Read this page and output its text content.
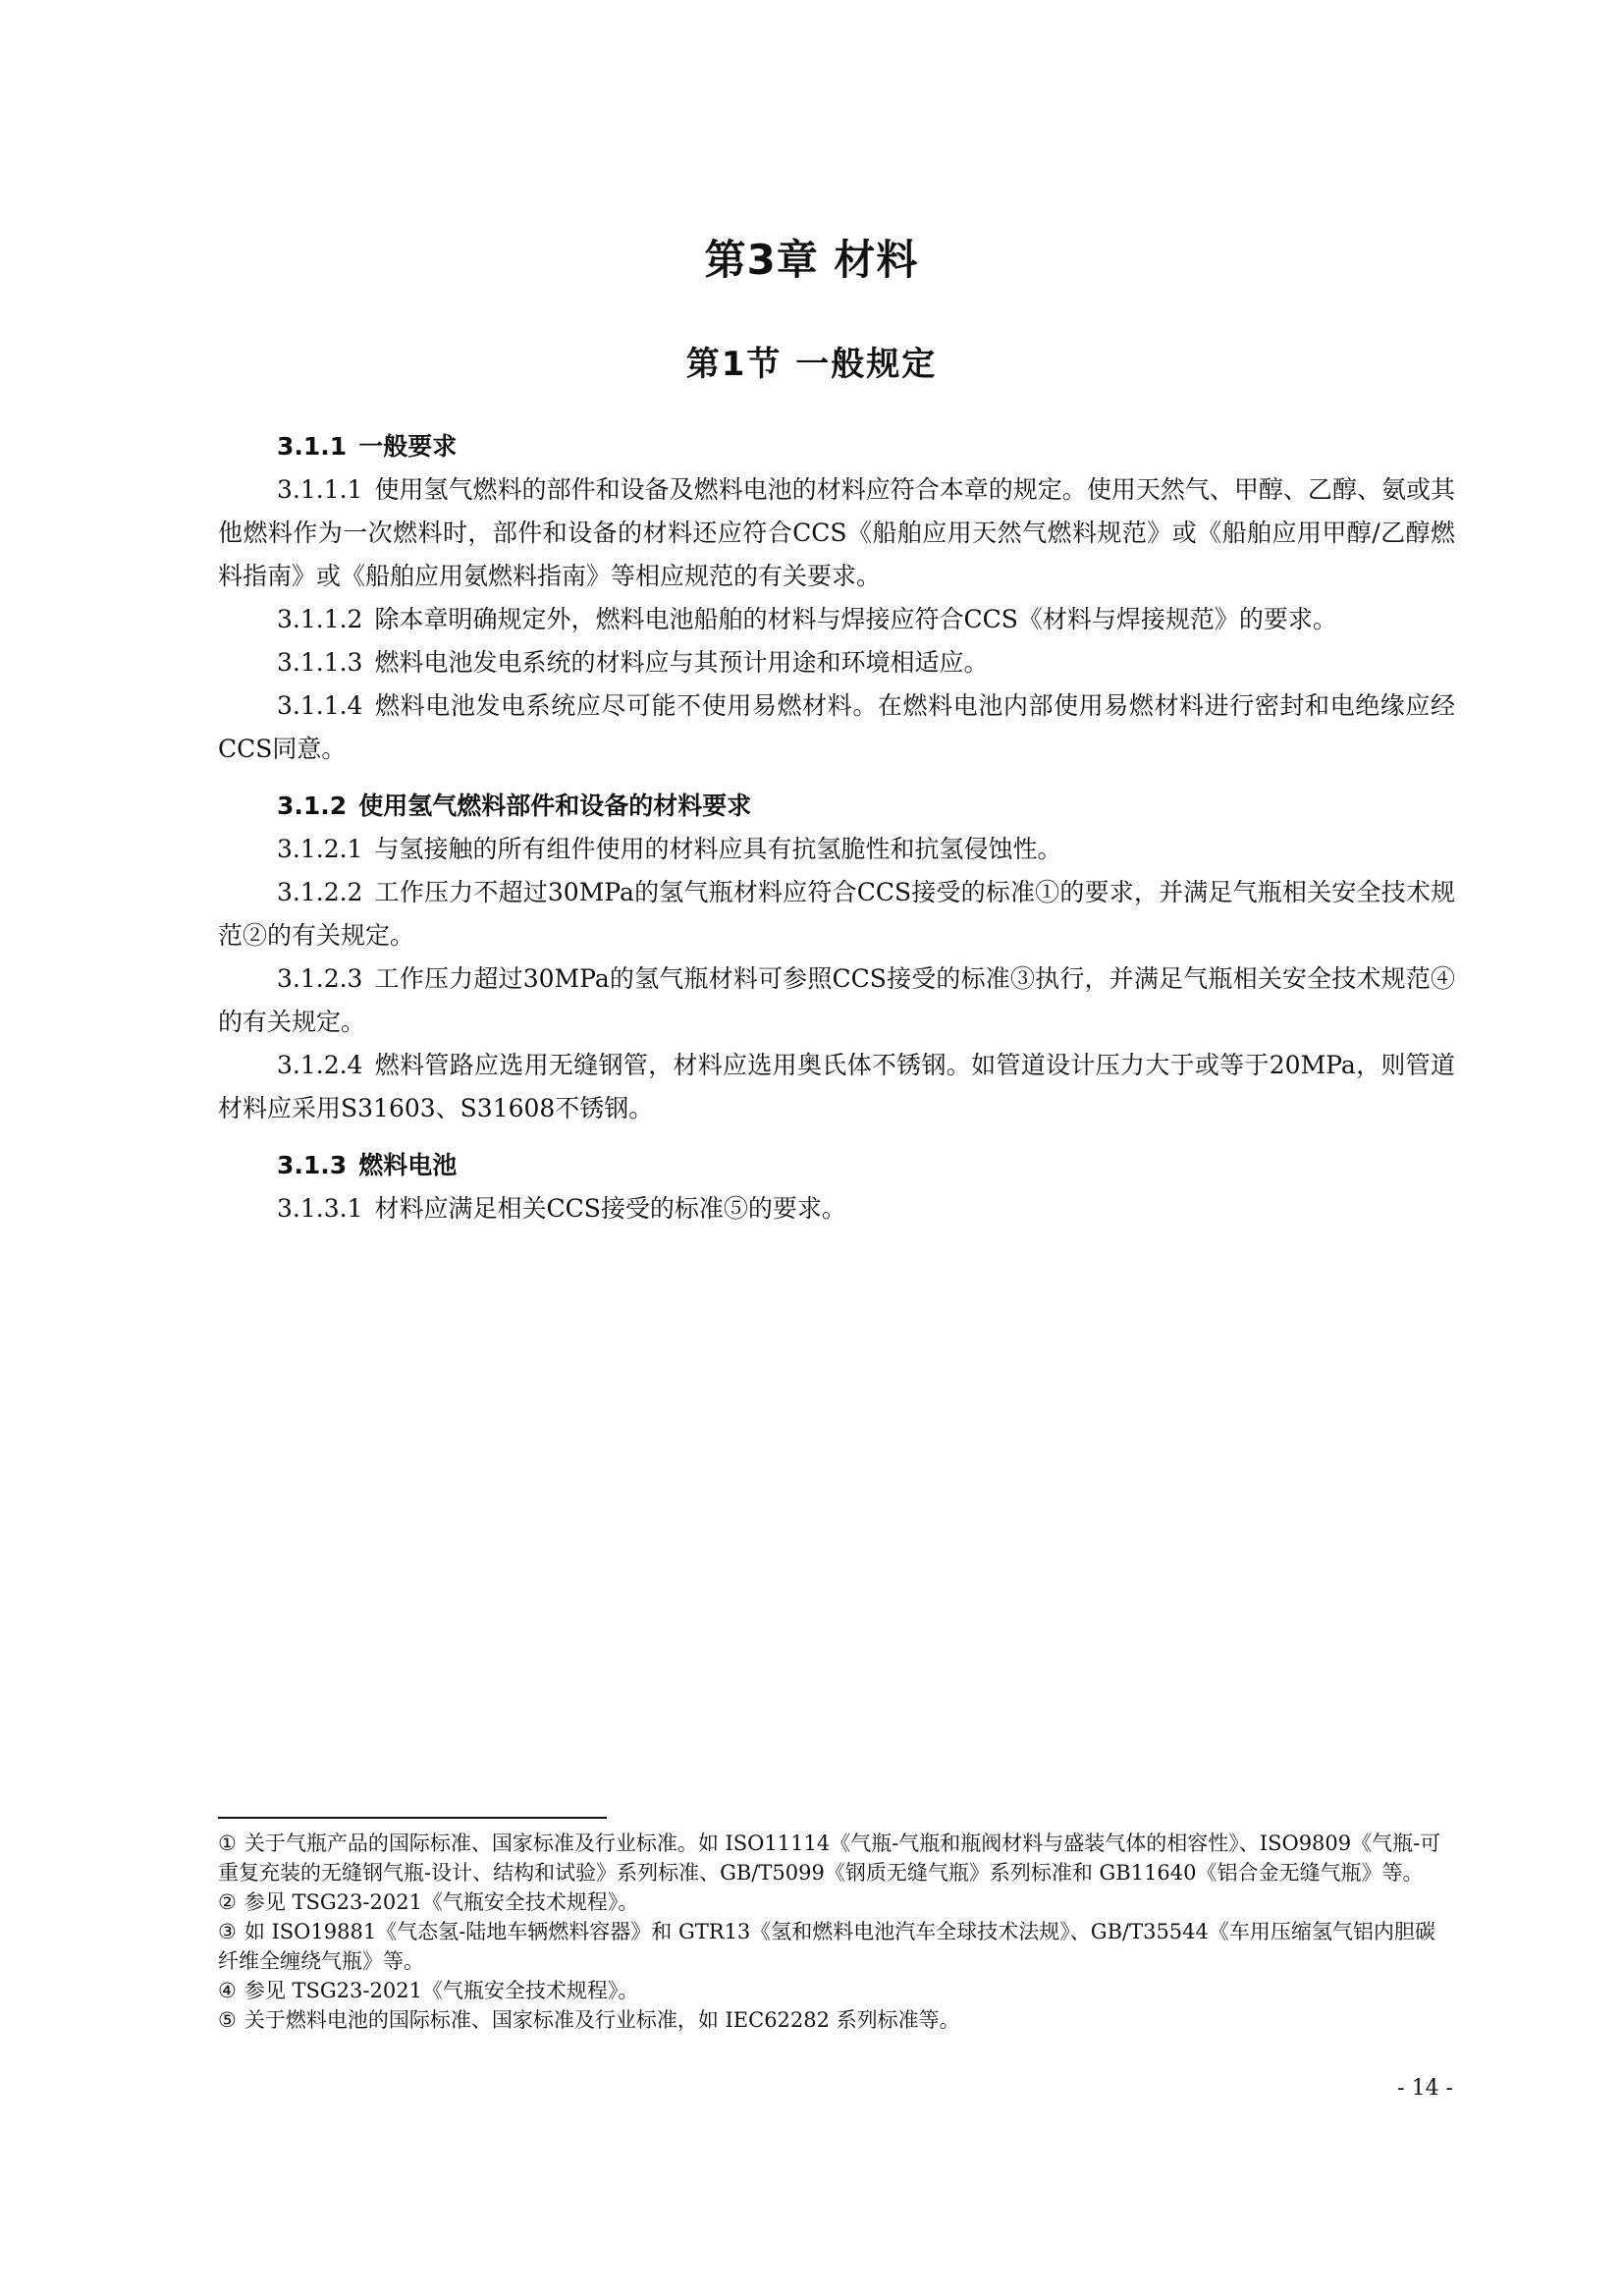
第3章 材料
第1节 一般规定

3.1.1 一般要求

3.1.1.1 使用氢气燃料的部件和设备及燃料电池的材料应符合本章的规定。使用天然气、甲醇、乙醇、氨或其他燃料作为一次燃料时，部件和设备的材料还应符合CCS《船舶应用天然气燃料规范》或《船舶应用甲醇/乙醇燃料指南》或《船舶应用氨燃料指南》等相应规范的有关要求。

3.1.1.2 除本章明确规定外，燃料电池船舶的材料与焊接应符合CCS《材料与焊接规范》的要求。

3.1.1.3 燃料电池发电系统的材料应与其预计用途和环境相适应。

3.1.1.4 燃料电池发电系统应尽可能不使用易燃材料。在燃料电池内部使用易燃材料进行密封和电绝缘应经CCS同意。

3.1.2 使用氢气燃料部件和设备的材料要求

3.1.2.1 与氢接触的所有组件使用的材料应具有抗氢脆性和抗氢侵蚀性。

3.1.2.2 工作压力不超过30MPa的氢气瓶材料应符合CCS接受的标准①的要求，并满足气瓶相关安全技术规范②的有关规定。

3.1.2.3 工作压力超过30MPa的氢气瓶材料可参照CCS接受的标准③执行，并满足气瓶相关安全技术规范④的有关规定。

3.1.2.4 燃料管路应选用无缝钢管，材料应选用奥氏体不锈钢。如管道设计压力大于或等于20MPa，则管道材料应采用S31603、S31608不锈钢。

3.1.3 燃料电池

3.1.3.1 材料应满足相关CCS接受的标准⑤的要求。

① 关于气瓶产品的国际标准、国家标准及行业标准。如 ISO11114《气瓶-气瓶和瓶阀材料与盛装气体的相容性》、ISO9809《气瓶-可重复充装的无缝钢气瓶-设计、结构和试验》系列标准、GB/T5099《钢质无缝气瓶》系列标准和 GB11640《铝合金无缝气瓶》等。

② 参见 TSG23-2021《气瓶安全技术规程》。

③ 如 ISO19881《气态氢-陆地车辆燃料容器》和 GTR13《氢和燃料电池汽车全球技术法规》、GB/T35544《车用压缩氢气铝内胆碳纤维全缠绕气瓶》等。

④ 参见 TSG23-2021《气瓶安全技术规程》。

⑤ 关于燃料电池的国际标准、国家标准及行业标准，如 IEC62282 系列标准等。

- 14 -
